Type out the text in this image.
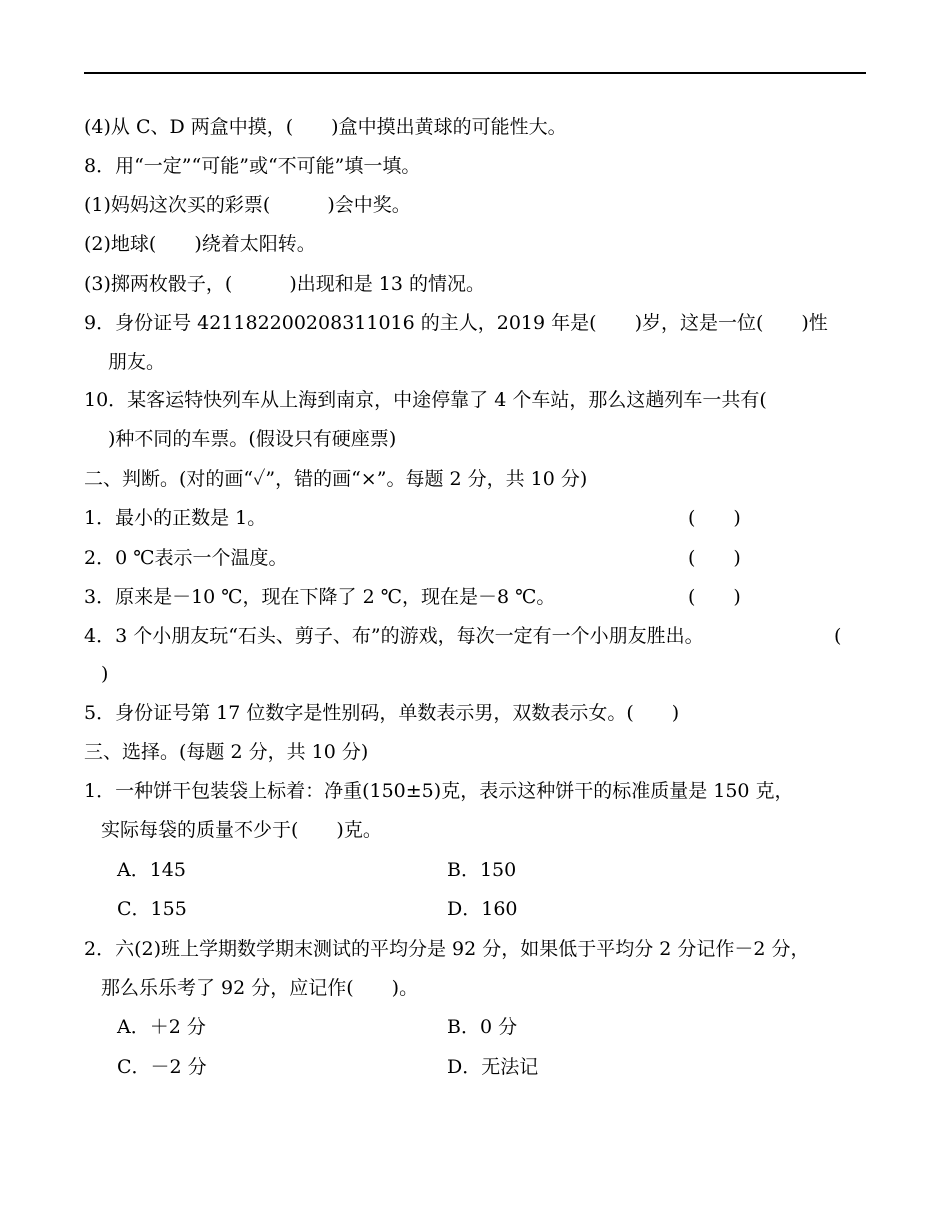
(4)从 C、D 两盒中摸，(　　)盒中摸出黄球的可能性大。
8．用“一定”“可能”或“不可能”填一填。
(1)妈妈这次买的彩票(　　　)会中奖。
(2)地球(　　)绕着太阳转。
(3)掷两枚骰子，(　　　)出现和是 13 的情况。
9．身份证号 421182200208311016 的主人，2019 年是(　　)岁，这是一位(　　)性
朋友。
10．某客运特快列车从上海到南京，中途停靠了 4 个车站，那么这趟列车一共有(
)种不同的车票。(假设只有硬座票)
二、判断。(对的画“✓”，错的画“×”。每题 2 分，共 10 分)
1．最小的正数是 1。	(　　)
2．0 ℃表示一个温度。	(　　)
3．原来是－10 ℃，现在下降了 2 ℃，现在是－8 ℃。	(　　)
4．3 个小朋友玩“石头、剪子、布”的游戏，每次一定有一个小朋友胜出。	(
)
5．身份证号第 17 位数字是性别码，单数表示男，双数表示女。(　　)
三、选择。(每题 2 分，共 10 分)
1．一种饼干包装袋上标着：净重(150±5)克，表示这种饼干的标准质量是 150 克，
实际每袋的质量不少于(　　)克。
A．145	B．150
C．155	D．160
2．六(2)班上学期数学期末测试的平均分是 92 分，如果低于平均分 2 分记作－2 分，
那么乐乐考了 92 分，应记作(　　)。
A．＋2 分	B．0 分
C．－2 分	D．无法记
